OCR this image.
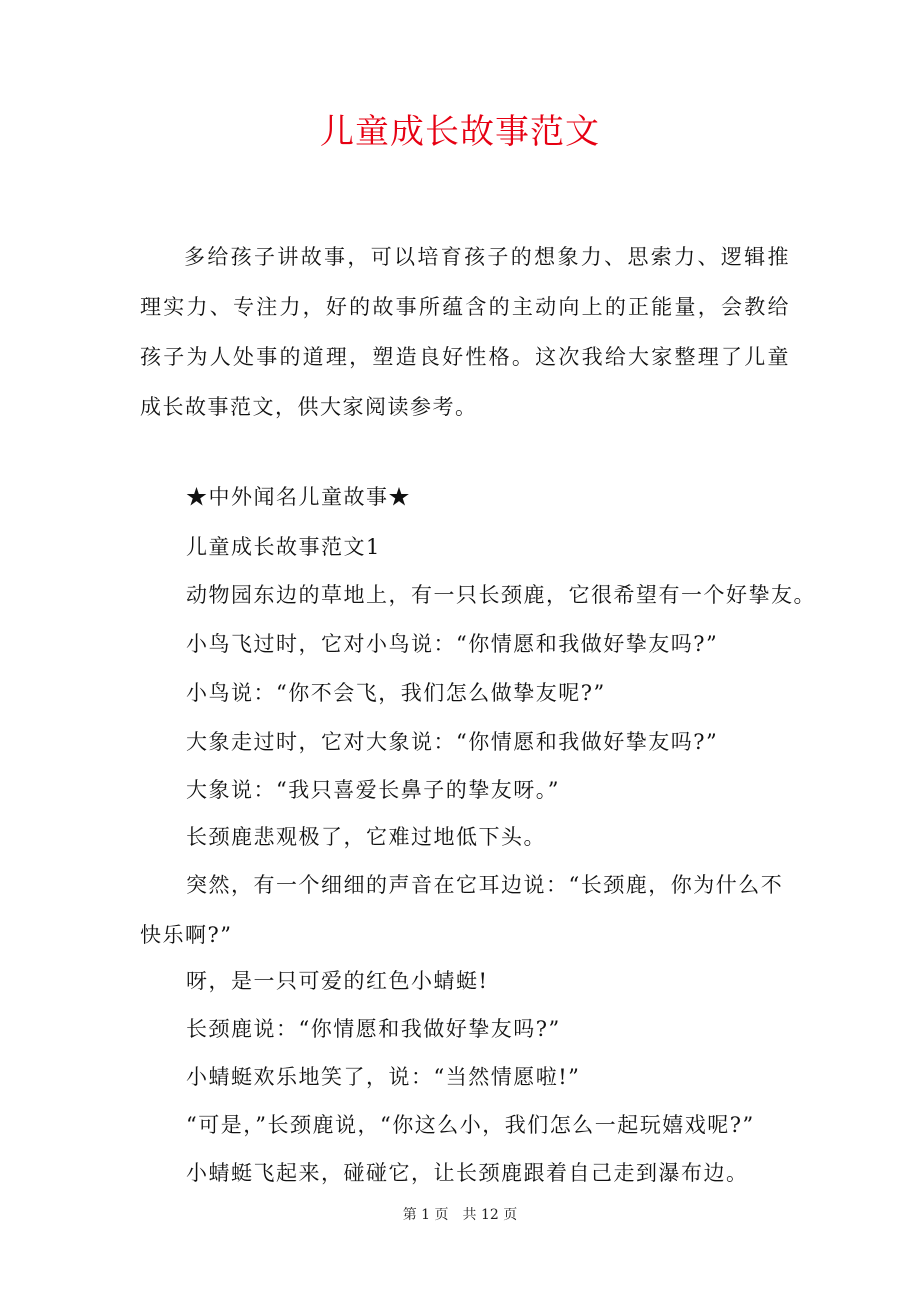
儿童成长故事范文

多给孩子讲故事，可以培育孩子的想象力、思索力、逻辑推理实力、专注力，好的故事所蕴含的主动向上的正能量，会教给孩子为人处事的道理，塑造良好性格。这次我给大家整理了儿童成长故事范文，供大家阅读参考。

★中外闻名儿童故事★

儿童成长故事范文1

动物园东边的草地上，有一只长颈鹿，它很希望有一个好挚友。

小鸟飞过时，它对小鸟说：“你情愿和我做好挚友吗?”

小鸟说：“你不会飞，我们怎么做挚友呢?”

大象走过时，它对大象说：“你情愿和我做好挚友吗?”

大象说：“我只喜爱长鼻子的挚友呀。”

长颈鹿悲观极了，它难过地低下头。

突然，有一个细细的声音在它耳边说：“长颈鹿，你为什么不快乐啊?”

呀，是一只可爱的红色小蜻蜓!

长颈鹿说：“你情愿和我做好挚友吗?”

小蜻蜓欢乐地笑了，说：“当然情愿啦!”

“可是，”长颈鹿说，“你这么小，我们怎么一起玩嬉戏呢?”

小蜻蜓飞起来，碰碰它，让长颈鹿跟着自己走到瀑布边。

第 1 页　共 12 页
